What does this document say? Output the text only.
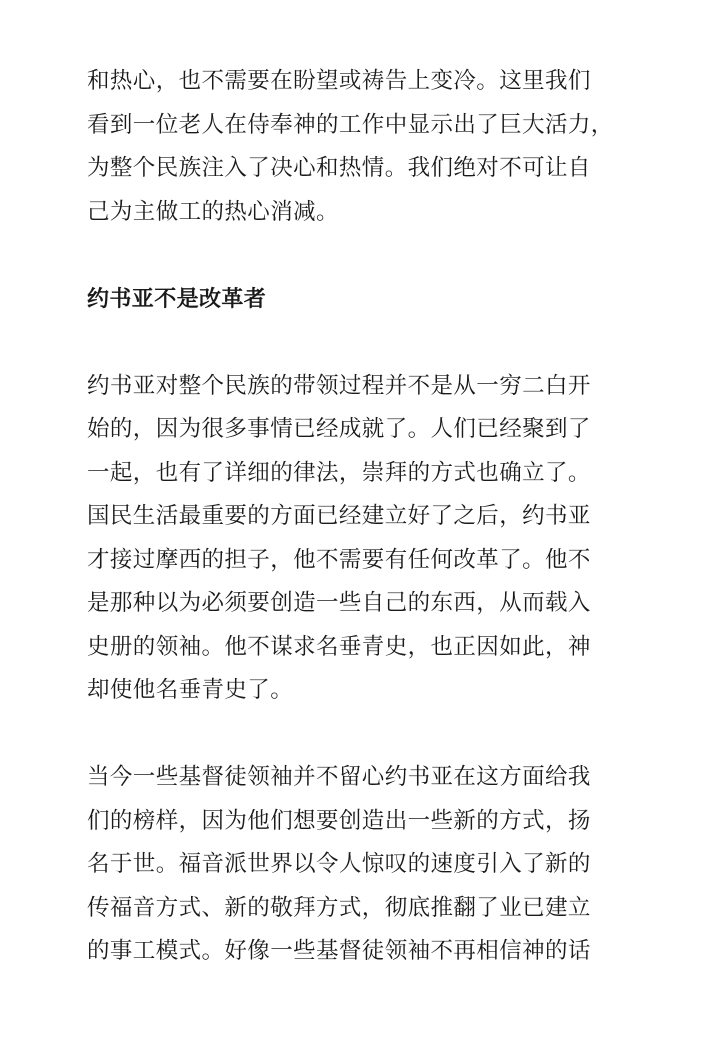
和热心，也不需要在盼望或祷告上变冷。这里我们
看到一位老人在侍奉神的工作中显示出了巨大活力，
为整个民族注入了决心和热情。我们绝对不可让自
己为主做工的热心消减。

约书亚不是改革者

约书亚对整个民族的带领过程并不是从一穷二白开
始的，因为很多事情已经成就了。人们已经聚到了
一起，也有了详细的律法，崇拜的方式也确立了。
国民生活最重要的方面已经建立好了之后，约书亚
才接过摩西的担子，他不需要有任何改革了。他不
是那种以为必须要创造一些自己的东西，从而载入
史册的领袖。他不谋求名垂青史，也正因如此，神
却使他名垂青史了。

当今一些基督徒领袖并不留心约书亚在这方面给我
们的榜样，因为他们想要创造出一些新的方式，扬
名于世。福音派世界以令人惊叹的速度引入了新的
传福音方式、新的敬拜方式，彻底推翻了业已建立
的事工模式。好像一些基督徒领袖不再相信神的话
